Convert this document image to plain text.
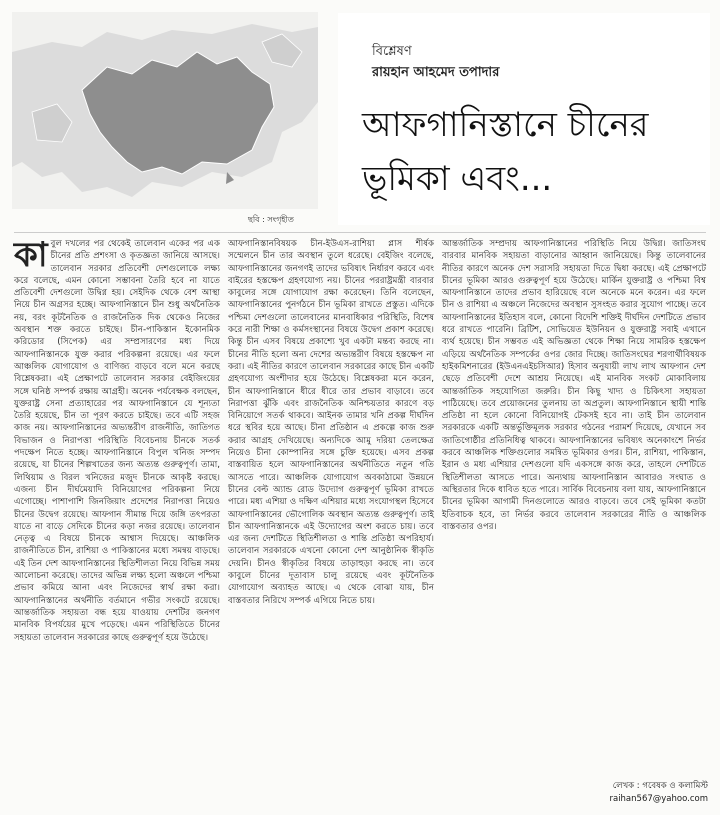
ছবি : সংগৃহীত
বিশ্লেষণ
রায়হান আহমেদ তপাদার
আফগানিস্তানে চীনের ভূমিকা এবং...
কা বুল দখলের পর থেকেই তালেবান একের পর এক চীনের প্রতি প্রশংসা ও কৃতজ্ঞতা জানিয়ে আসছে। তালেবান সরকার প্রতিবেশী দেশগুলোকে লক্ষ্য করে বলেছে, এমন কোনো সম্ভাবনা তৈরি হবে না যাতে প্রতিবেশী দেশগুলো উদ্বিগ্ন হয়। সেইদিক থেকে বেশ আস্থা নিয়ে চীন অগ্রসর হচ্ছে। আফগানিস্তানে চীন শুধু অর্থনৈতিক নয়, বরং কূটনৈতিক ও রাজনৈতিক দিক থেকেও নিজের অবস্থান শক্ত করতে চাইছে। চীন-পাকিস্তান ইকোনমিক করিডোর (সিপেক) এর সম্প্রসারণের মধ্য দিয়ে আফগানিস্তানকে যুক্ত করার পরিকল্পনা রয়েছে। এর ফলে আঞ্চলিক যোগাযোগ ও বাণিজ্য বাড়বে বলে মনে করছে বিশ্লেষকরা। এই প্রেক্ষাপটে তালেবান সরকার বেইজিংয়ের সঙ্গে ঘনিষ্ঠ সম্পর্ক রক্ষায় আগ্রহী। অনেক পর্যবেক্ষক বলছেন, যুক্তরাষ্ট্র সেনা প্রত্যাহারের পর আফগানিস্তানে যে শূন্যতা তৈরি হয়েছে, চীন তা পূরণ করতে চাইছে। তবে এটি সহজ কাজ নয়। আফগানিস্তানের অভ্যন্তরীণ রাজনীতি, জাতিগত বিভাজন ও নিরাপত্তা পরিস্থিতি বিবেচনায় চীনকে সতর্ক পদক্ষেপ নিতে হচ্ছে। আফগানিস্তানে বিপুল খনিজ সম্পদ রয়েছে, যা চীনের শিল্পখাতের জন্য অত্যন্ত গুরুত্বপূর্ণ। তামা, লিথিয়াম ও বিরল খনিজের মজুদ চীনকে আকৃষ্ট করছে। এজন্য চীন দীর্ঘমেয়াদি বিনিয়োগের পরিকল্পনা নিয়ে এগোচ্ছে। পাশাপাশি জিনজিয়াং প্রদেশের নিরাপত্তা নিয়েও চীনের উদ্বেগ রয়েছে। আফগান সীমান্ত দিয়ে জঙ্গি তৎপরতা যাতে না বাড়ে সেদিকে চীনের কড়া নজর রয়েছে। তালেবান নেতৃত্ব এ বিষয়ে চীনকে আশ্বাস দিয়েছে। আঞ্চলিক রাজনীতিতে চীন, রাশিয়া ও পাকিস্তানের মধ্যে সমন্বয় বাড়ছে। এই তিন দেশ আফগানিস্তানের স্থিতিশীলতা নিয়ে বিভিন্ন সময় আলোচনা করেছে। তাদের অভিন্ন লক্ষ্য হলো অঞ্চলে পশ্চিমা প্রভাব কমিয়ে আনা এবং নিজেদের স্বার্থ রক্ষা করা। আফগানিস্তানের অর্থনীতি বর্তমানে গভীর সংকটে রয়েছে। আন্তর্জাতিক সহায়তা বন্ধ হয়ে যাওয়ায় দেশটির জনগণ মানবিক বিপর্যয়ের মুখে পড়েছে। এমন পরিস্থিতিতে চীনের সহায়তা তালেবান সরকারের কাছে গুরুত্বপূর্ণ হয়ে উঠেছে।

আফগানিস্তানবিষয়ক চীন-ইউএস-রাশিয়া প্লাস শীর্ষক সম্মেলনে চীন তার অবস্থান তুলে ধরেছে। বেইজিং বলেছে, আফগানিস্তানের জনগণই তাদের ভবিষ্যৎ নির্ধারণ করবে এবং বাইরের হস্তক্ষেপ গ্রহণযোগ্য নয়। চীনের পররাষ্ট্রমন্ত্রী বারবার কাবুলের সঙ্গে যোগাযোগ রক্ষা করেছেন। তিনি বলেছেন, আফগানিস্তানের পুনর্গঠনে চীন ভূমিকা রাখতে প্রস্তুত। এদিকে পশ্চিমা দেশগুলো তালেবানের মানবাধিকার পরিস্থিতি, বিশেষ করে নারী শিক্ষা ও কর্মসংস্থানের বিষয়ে উদ্বেগ প্রকাশ করেছে। কিন্তু চীন এসব বিষয়ে প্রকাশ্যে খুব একটা মন্তব্য করছে না। চীনের নীতি হলো অন্য দেশের অভ্যন্তরীণ বিষয়ে হস্তক্ষেপ না করা। এই নীতির কারণে তালেবান সরকারের কাছে চীন একটি গ্রহণযোগ্য অংশীদার হয়ে উঠেছে। বিশ্লেষকরা মনে করেন, চীন আফগানিস্তানে ধীরে ধীরে তার প্রভাব বাড়াবে। তবে নিরাপত্তা ঝুঁকি এবং রাজনৈতিক অনিশ্চয়তার কারণে বড় বিনিয়োগে সতর্ক থাকবে। আইনক তামার খনি প্রকল্প দীর্ঘদিন ধরে স্থবির হয়ে আছে। চীনা প্রতিষ্ঠান এ প্রকল্পে কাজ শুরু করার আগ্রহ দেখিয়েছে। অন্যদিকে আমু দরিয়া তেলক্ষেত্র নিয়েও চীনা কোম্পানির সঙ্গে চুক্তি হয়েছে। এসব প্রকল্প বাস্তবায়িত হলে আফগানিস্তানের অর্থনীতিতে নতুন গতি আসতে পারে। আঞ্চলিক যোগাযোগ অবকাঠামো উন্নয়নে চীনের বেল্ট অ্যান্ড রোড উদ্যোগ গুরুত্বপূর্ণ ভূমিকা রাখতে পারে। মধ্য এশিয়া ও দক্ষিণ এশিয়ার মধ্যে সংযোগস্থল হিসেবে আফগানিস্তানের ভৌগোলিক অবস্থান অত্যন্ত গুরুত্বপূর্ণ। তাই চীন আফগানিস্তানকে এই উদ্যোগের অংশ করতে চায়। তবে এর জন্য দেশটিতে স্থিতিশীলতা ও শান্তি প্রতিষ্ঠা অপরিহার্য। তালেবান সরকারকে এখনো কোনো দেশ আনুষ্ঠানিক স্বীকৃতি দেয়নি। চীনও স্বীকৃতির বিষয়ে তাড়াহুড়া করছে না। তবে কাবুলে চীনের দূতাবাস চালু রয়েছে এবং কূটনৈতিক যোগাযোগ অব্যাহত আছে। এ থেকে বোঝা যায়, চীন বাস্তবতার নিরিখে সম্পর্ক এগিয়ে নিতে চায়।

আন্তর্জাতিক সম্প্রদায় আফগানিস্তানের পরিস্থিতি নিয়ে উদ্বিগ্ন। জাতিসংঘ বারবার মানবিক সহায়তা বাড়ানোর আহ্বান জানিয়েছে। কিন্তু তালেবানের নীতির কারণে অনেক দেশ সরাসরি সহায়তা দিতে দ্বিধা করছে। এই প্রেক্ষাপটে চীনের ভূমিকা আরও গুরুত্বপূর্ণ হয়ে উঠেছে। মার্কিন যুক্তরাষ্ট্র ও পশ্চিমা বিশ্ব আফগানিস্তানে তাদের প্রভাব হারিয়েছে বলে অনেকে মনে করেন। এর ফলে চীন ও রাশিয়া এ অঞ্চলে নিজেদের অবস্থান সুসংহত করার সুযোগ পাচ্ছে। তবে আফগানিস্তানের ইতিহাস বলে, কোনো বিদেশি শক্তিই দীর্ঘদিন দেশটিতে প্রভাব ধরে রাখতে পারেনি। ব্রিটিশ, সোভিয়েত ইউনিয়ন ও যুক্তরাষ্ট্র সবাই এখানে ব্যর্থ হয়েছে। চীন সম্ভবত এই অভিজ্ঞতা থেকে শিক্ষা নিয়ে সামরিক হস্তক্ষেপ এড়িয়ে অর্থনৈতিক সম্পর্কের ওপর জোর দিচ্ছে। জাতিসংঘের শরণার্থীবিষয়ক হাইকমিশনারের (ইউএনএইচসিআর) হিসাব অনুযায়ী লাখ লাখ আফগান দেশ ছেড়ে প্রতিবেশী দেশে আশ্রয় নিয়েছে। এই মানবিক সংকট মোকাবিলায় আন্তর্জাতিক সহযোগিতা জরুরি। চীন কিছু খাদ্য ও চিকিৎসা সহায়তা পাঠিয়েছে। তবে প্রয়োজনের তুলনায় তা অপ্রতুল। আফগানিস্তানে স্থায়ী শান্তি প্রতিষ্ঠা না হলে কোনো বিনিয়োগই টেকসই হবে না। তাই চীন তালেবান সরকারকে একটি অন্তর্ভুক্তিমূলক সরকার গঠনের পরামর্শ দিয়েছে, যেখানে সব জাতিগোষ্ঠীর প্রতিনিধিত্ব থাকবে। আফগানিস্তানের ভবিষ্যৎ অনেকাংশে নির্ভর করবে আঞ্চলিক শক্তিগুলোর সমন্বিত ভূমিকার ওপর। চীন, রাশিয়া, পাকিস্তান, ইরান ও মধ্য এশিয়ার দেশগুলো যদি একসঙ্গে কাজ করে, তাহলে দেশটিতে স্থিতিশীলতা আসতে পারে। অন্যথায় আফগানিস্তান আবারও সংঘাত ও অস্থিরতার দিকে ধাবিত হতে পারে। সার্বিক বিবেচনায় বলা যায়, আফগানিস্তানে চীনের ভূমিকা আগামী দিনগুলোতে আরও বাড়বে। তবে সেই ভূমিকা কতটা ইতিবাচক হবে, তা নির্ভর করবে তালেবান সরকারের নীতি ও আঞ্চলিক বাস্তবতার ওপর।

লেখক : গবেষক ও কলামিস্ট
raihan567@yahoo.com
